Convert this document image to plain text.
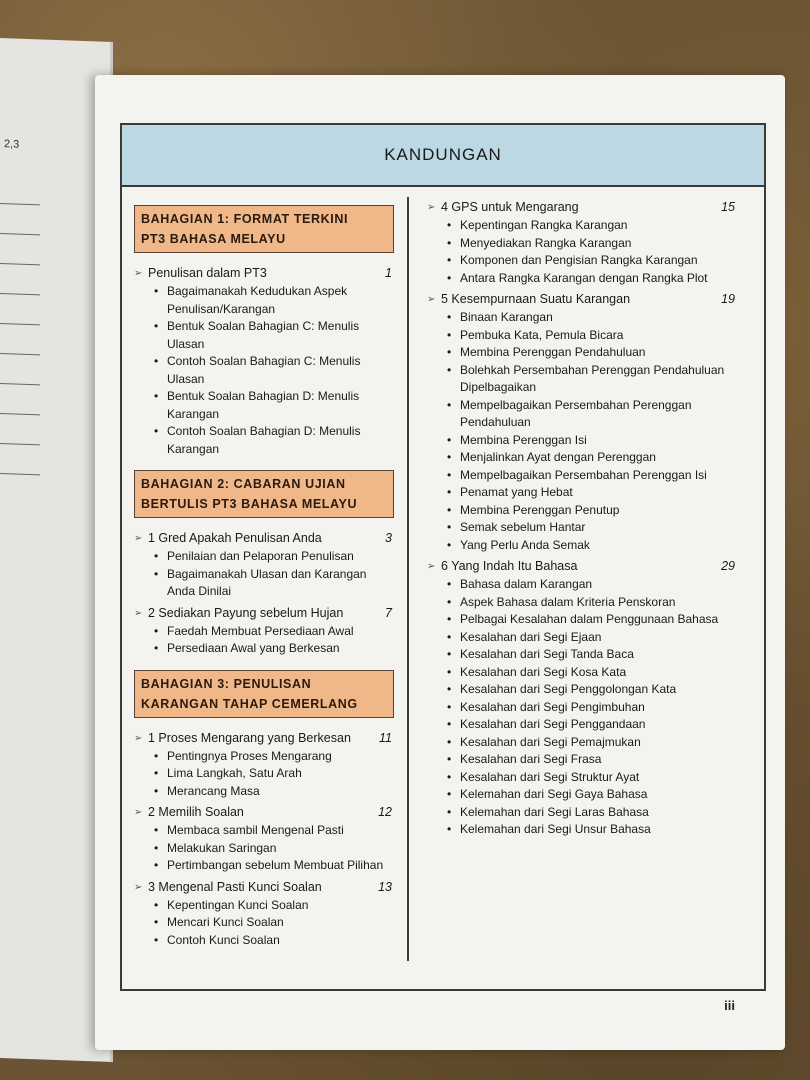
2,3
KANDUNGAN
BAHAGIAN 1: FORMAT TERKINI
PT3 BAHASA MELAYU
➢ Penulisan dalam PT3	1
• Bagaimanakah Kedudukan Aspek Penulisan/Karangan
• Bentuk Soalan Bahagian C: Menulis Ulasan
• Contoh Soalan Bahagian C: Menulis Ulasan
• Bentuk Soalan Bahagian D: Menulis Karangan
• Contoh Soalan Bahagian D: Menulis Karangan
BAHAGIAN 2: CABARAN UJIAN
BERTULIS PT3 BAHASA MELAYU
➢ 1 Gred Apakah Penulisan Anda	3
• Penilaian dan Pelaporan Penulisan
• Bagaimanakah Ulasan dan Karangan Anda Dinilai
➢ 2 Sediakan Payung sebelum Hujan	7
• Faedah Membuat Persediaan Awal
• Persediaan Awal yang Berkesan
BAHAGIAN 3: PENULISAN
KARANGAN TAHAP CEMERLANG
➢ 1 Proses Mengarang yang Berkesan 11
• Pentingnya Proses Mengarang
• Lima Langkah, Satu Arah
• Merancang Masa
➢ 2 Memilih Soalan	12
• Membaca sambil Mengenal Pasti
• Melakukan Saringan
• Pertimbangan sebelum Membuat Pilihan
➢ 3 Mengenal Pasti Kunci Soalan	13
• Kepentingan Kunci Soalan
• Mencari Kunci Soalan
• Contoh Kunci Soalan
➢ 4 GPS untuk Mengarang	15
• Kepentingan Rangka Karangan
• Menyediakan Rangka Karangan
• Komponen dan Pengisian Rangka Karangan
• Antara Rangka Karangan dengan Rangka Plot
➢ 5 Kesempurnaan Suatu Karangan	19
• Binaan Karangan
• Pembuka Kata, Pemula Bicara
• Membina Perenggan Pendahuluan
• Bolehkah Persembahan Perenggan Pendahuluan Dipelbagaikan
• Mempelbagaikan Persembahan Perenggan Pendahuluan
• Membina Perenggan Isi
• Menjalinkan Ayat dengan Perenggan
• Mempelbagaikan Persembahan Perenggan Isi
• Penamat yang Hebat
• Membina Perenggan Penutup
• Semak sebelum Hantar
• Yang Perlu Anda Semak
➢ 6 Yang Indah Itu Bahasa	29
• Bahasa dalam Karangan
• Aspek Bahasa dalam Kriteria Penskoran
• Pelbagai Kesalahan dalam Penggunaan Bahasa
• Kesalahan dari Segi Ejaan
• Kesalahan dari Segi Tanda Baca
• Kesalahan dari Segi Kosa Kata
• Kesalahan dari Segi Penggolongan Kata
• Kesalahan dari Segi Pengimbuhan
• Kesalahan dari Segi Penggandaan
• Kesalahan dari Segi Pemajmukan
• Kesalahan dari Segi Frasa
• Kesalahan dari Segi Struktur Ayat
• Kelemahan dari Segi Gaya Bahasa
• Kelemahan dari Segi Laras Bahasa
• Kelemahan dari Segi Unsur Bahasa
iii
